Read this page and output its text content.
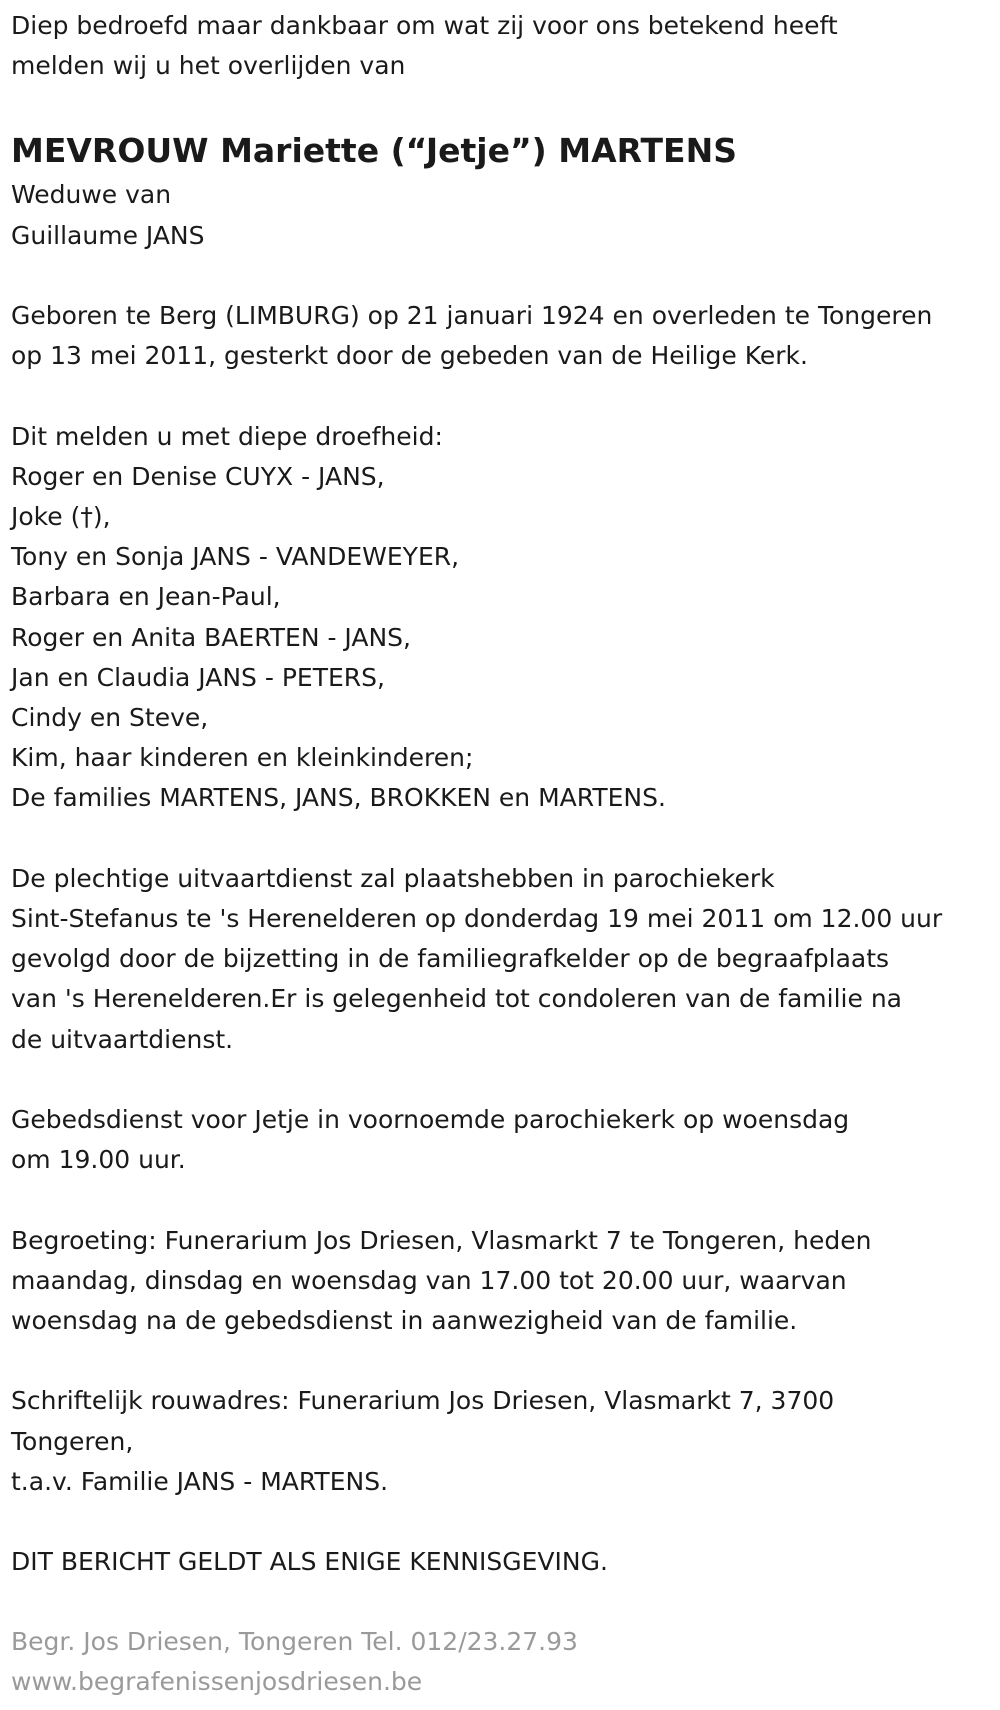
Diep bedroefd maar dankbaar om wat zij voor ons betekend heeft
melden wij u het overlijden van
MEVROUW Mariette (“Jetje”) MARTENS
Weduwe van
Guillaume JANS
Geboren te Berg (LIMBURG) op 21 januari 1924 en overleden te Tongeren
op 13 mei 2011, gesterkt door de gebeden van de Heilige Kerk.
Dit melden u met diepe droefheid:
Roger en Denise CUYX - JANS,
Joke (†),
Tony en Sonja JANS - VANDEWEYER,
Barbara en Jean-Paul,
Roger en Anita BAERTEN - JANS,
Jan en Claudia JANS - PETERS,
Cindy en Steve,
Kim, haar kinderen en kleinkinderen;
De families MARTENS, JANS, BROKKEN en MARTENS.
De plechtige uitvaartdienst zal plaatshebben in parochiekerk
Sint-Stefanus te 's Herenelderen op donderdag 19 mei 2011 om 12.00 uur
gevolgd door de bijzetting in de familiegrafkelder op de begraafplaats
van 's Herenelderen.Er is gelegenheid tot condoleren van de familie na
de uitvaartdienst.
Gebedsdienst voor Jetje in voornoemde parochiekerk op woensdag
om 19.00 uur.
Begroeting: Funerarium Jos Driesen, Vlasmarkt 7 te Tongeren, heden
maandag, dinsdag en woensdag van 17.00 tot 20.00 uur, waarvan
woensdag na de gebedsdienst in aanwezigheid van de familie.
Schriftelijk rouwadres: Funerarium Jos Driesen, Vlasmarkt 7, 3700
Tongeren,
t.a.v. Familie JANS - MARTENS.
DIT BERICHT GELDT ALS ENIGE KENNISGEVING.
Begr. Jos Driesen, Tongeren Tel. 012/23.27.93
www.begrafenissenjosdriesen.be
